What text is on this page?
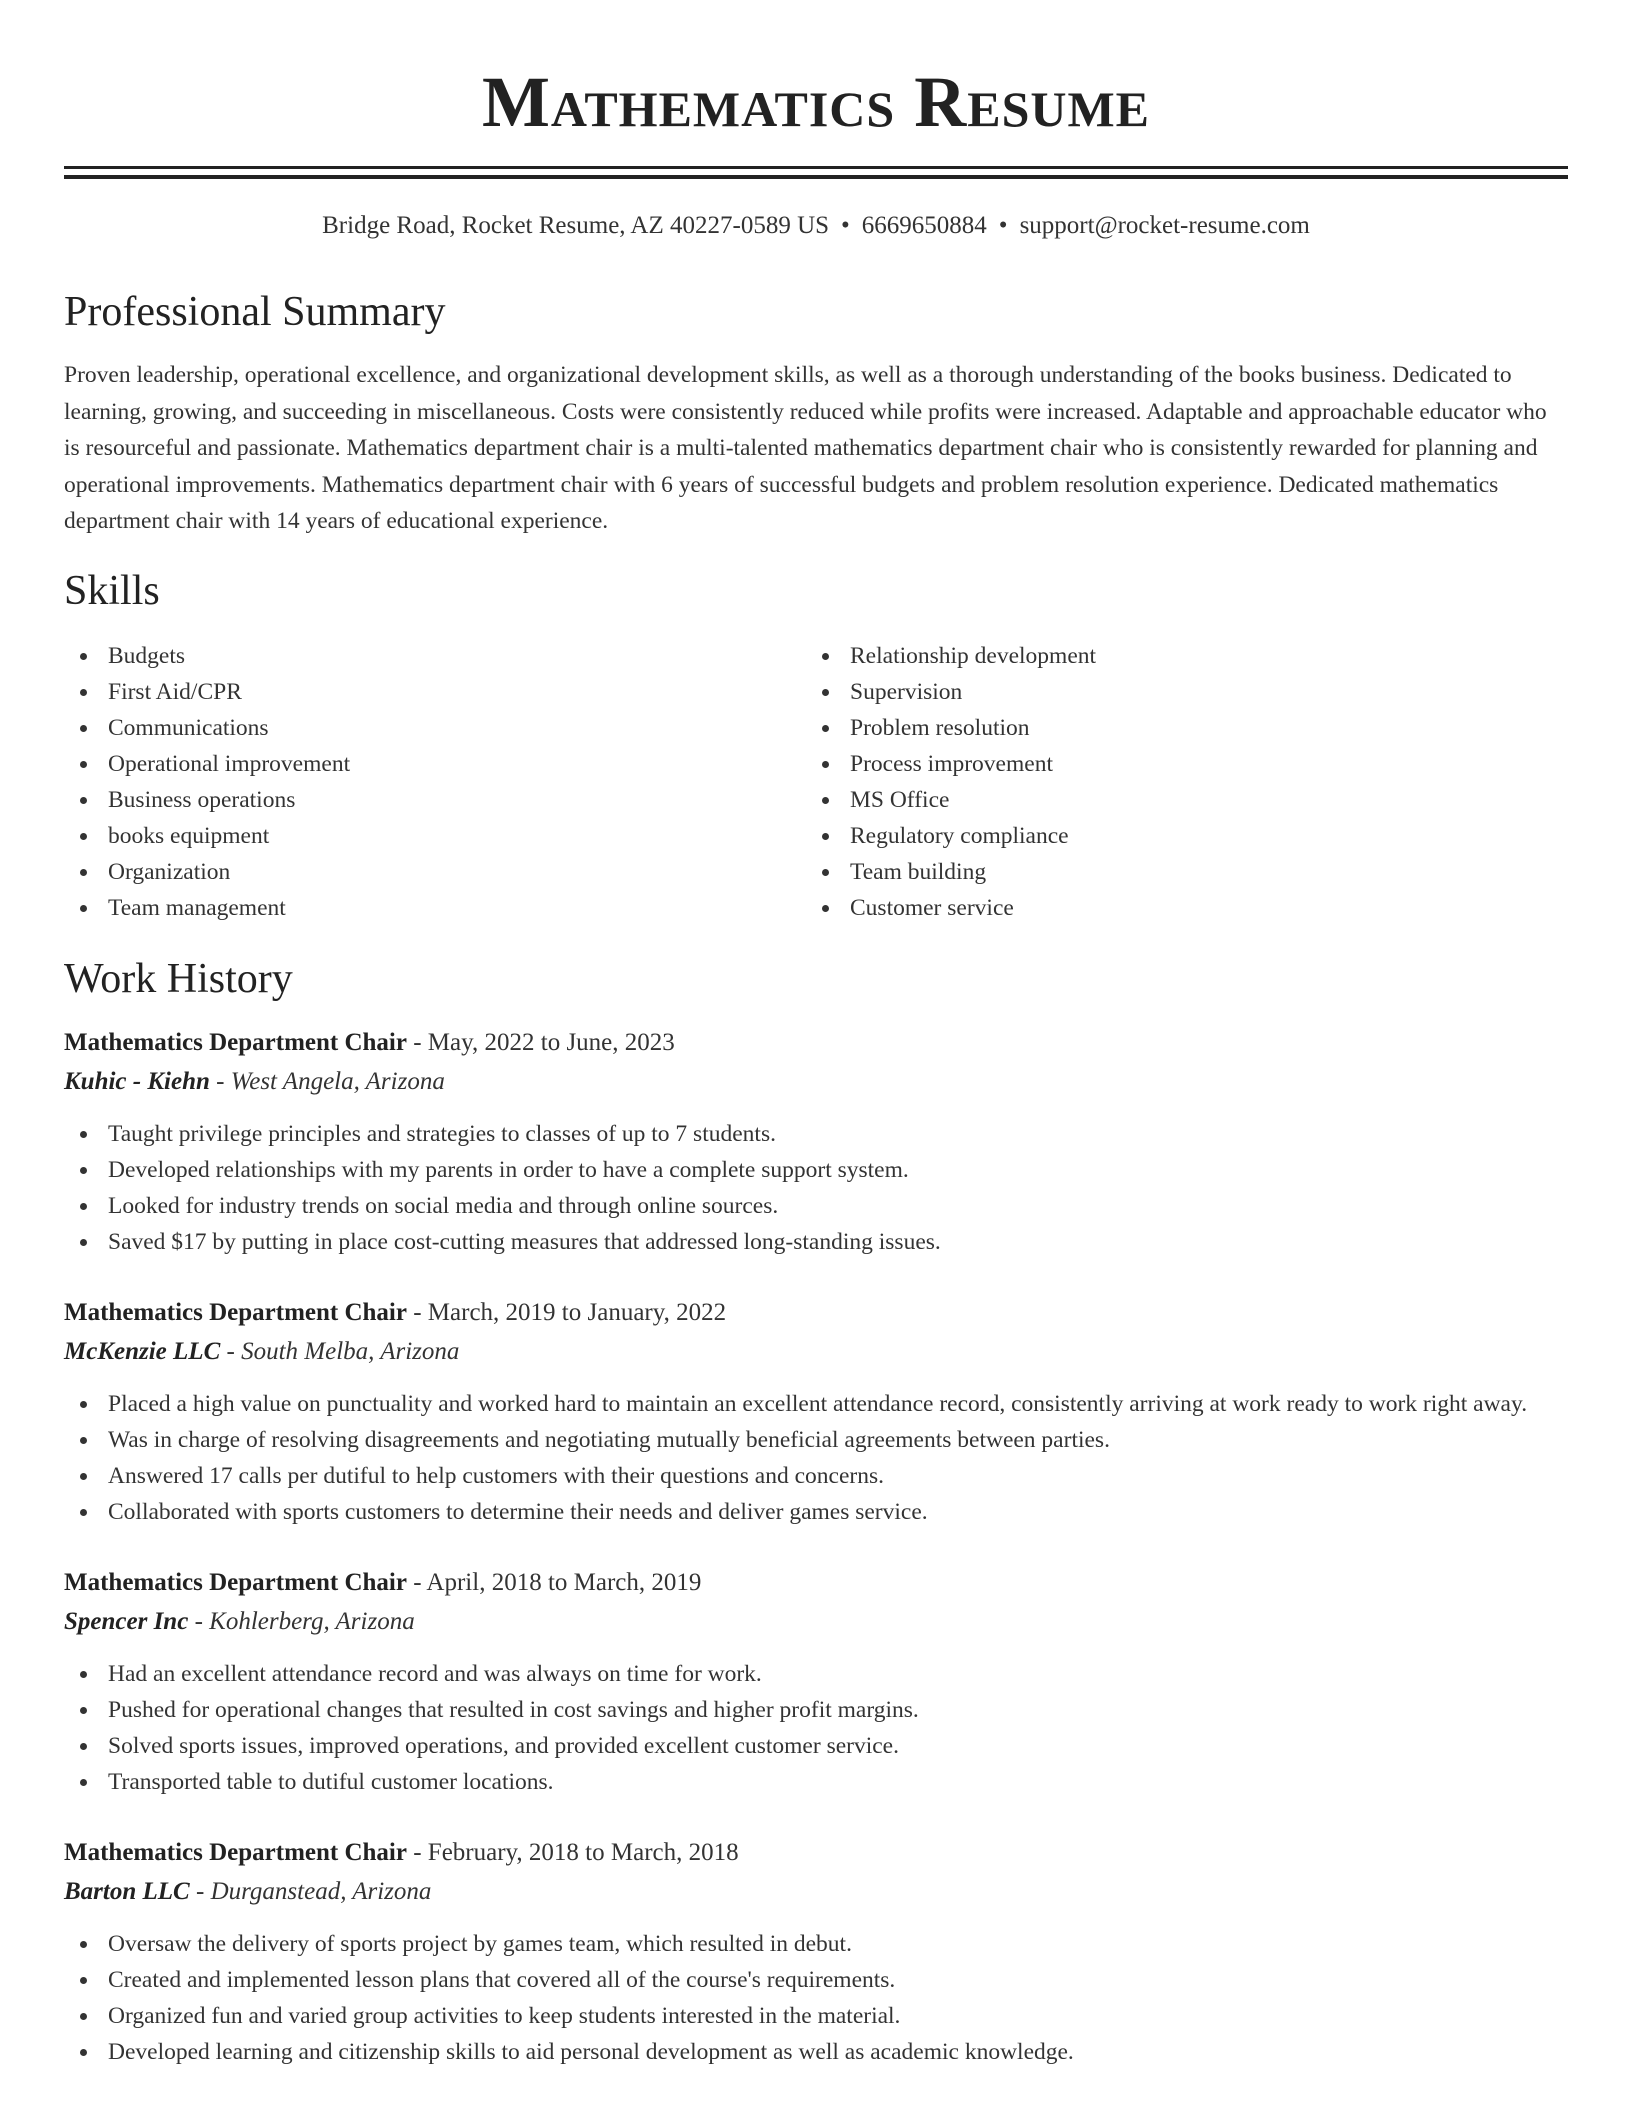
Mathematics Resume
Bridge Road, Rocket Resume, AZ 40227-0589 US • 6669650884 • support@rocket-resume.com
Professional Summary

Proven leadership, operational excellence, and organizational development skills, as well as a thorough understanding of the books business. Dedicated to learning, growing, and succeeding in miscellaneous. Costs were consistently reduced while profits were increased. Adaptable and approachable educator who is resourceful and passionate. Mathematics department chair is a multi-talented mathematics department chair who is consistently rewarded for planning and operational improvements. Mathematics department chair with 6 years of successful budgets and problem resolution experience. Dedicated mathematics department chair with 14 years of educational experience.

Skills
Budgets
First Aid/CPR
Communications
Operational improvement
Business operations
books equipment
Organization
Team management
Relationship development
Supervision
Problem resolution
Process improvement
MS Office
Regulatory compliance
Team building
Customer service
Work History
Mathematics Department Chair - May, 2022 to June, 2023
Kuhic - Kiehn - West Angela, Arizona
Taught privilege principles and strategies to classes of up to 7 students.
Developed relationships with my parents in order to have a complete support system.
Looked for industry trends on social media and through online sources.
Saved $17 by putting in place cost-cutting measures that addressed long-standing issues.
Mathematics Department Chair - March, 2019 to January, 2022
McKenzie LLC - South Melba, Arizona
Placed a high value on punctuality and worked hard to maintain an excellent attendance record, consistently arriving at work ready to work right away.
Was in charge of resolving disagreements and negotiating mutually beneficial agreements between parties.
Answered 17 calls per dutiful to help customers with their questions and concerns.
Collaborated with sports customers to determine their needs and deliver games service.
Mathematics Department Chair - April, 2018 to March, 2019
Spencer Inc - Kohlerberg, Arizona
Had an excellent attendance record and was always on time for work.
Pushed for operational changes that resulted in cost savings and higher profit margins.
Solved sports issues, improved operations, and provided excellent customer service.
Transported table to dutiful customer locations.
Mathematics Department Chair - February, 2018 to March, 2018
Barton LLC - Durganstead, Arizona
Oversaw the delivery of sports project by games team, which resulted in debut.
Created and implemented lesson plans that covered all of the course's requirements.
Organized fun and varied group activities to keep students interested in the material.
Developed learning and citizenship skills to aid personal development as well as academic knowledge.
